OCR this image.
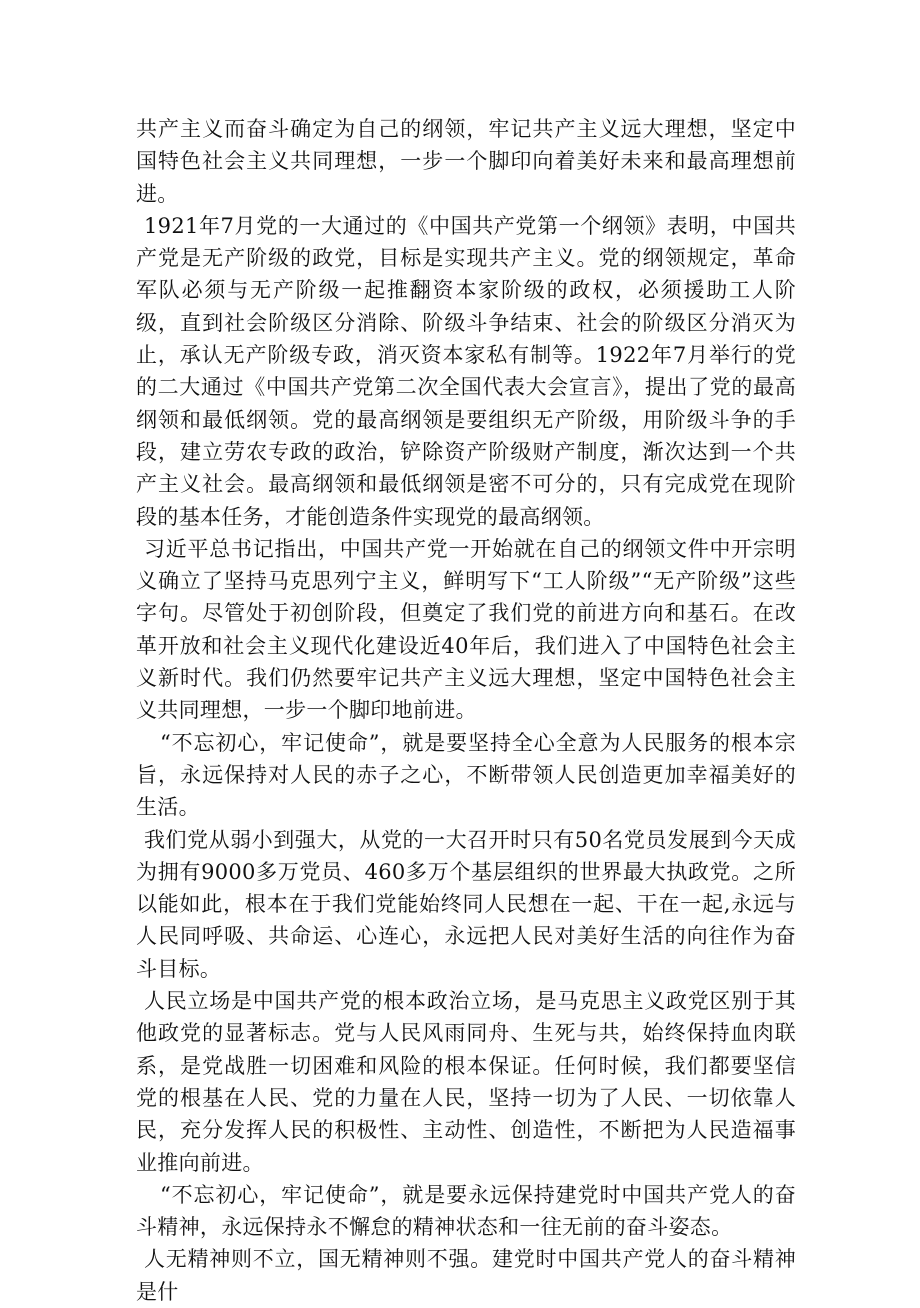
共产主义而奋斗确定为自己的纲领，牢记共产主义远大理想，坚定中国特色社会主义共同理想，一步一个脚印向着美好未来和最高理想前进。

1921年7月党的一大通过的《中国共产党第一个纲领》表明，中国共产党是无产阶级的政党，目标是实现共产主义。党的纲领规定，革命军队必须与无产阶级一起推翻资本家阶级的政权，必须援助工人阶级，直到社会阶级区分消除、阶级斗争结束、社会的阶级区分消灭为止，承认无产阶级专政，消灭资本家私有制等。1922年7月举行的党的二大通过《中国共产党第二次全国代表大会宣言》，提出了党的最高纲领和最低纲领。党的最高纲领是要组织无产阶级，用阶级斗争的手段，建立劳农专政的政治，铲除资产阶级财产制度，渐次达到一个共产主义社会。最高纲领和最低纲领是密不可分的，只有完成党在现阶段的基本任务，才能创造条件实现党的最高纲领。

习近平总书记指出，中国共产党一开始就在自己的纲领文件中开宗明义确立了坚持马克思列宁主义，鲜明写下“工人阶级”“无产阶级”这些字句。尽管处于初创阶段，但奠定了我们党的前进方向和基石。在改革开放和社会主义现代化建设近40年后，我们进入了中国特色社会主义新时代。我们仍然要牢记共产主义远大理想，坚定中国特色社会主义共同理想，一步一个脚印地前进。

“不忘初心，牢记使命”，就是要坚持全心全意为人民服务的根本宗旨，永远保持对人民的赤子之心，不断带领人民创造更加幸福美好的生活。

我们党从弱小到强大，从党的一大召开时只有50名党员发展到今天成为拥有9000多万党员、460多万个基层组织的世界最大执政党。之所以能如此，根本在于我们党能始终同人民想在一起、干在一起,永远与人民同呼吸、共命运、心连心，永远把人民对美好生活的向往作为奋斗目标。

人民立场是中国共产党的根本政治立场，是马克思主义政党区别于其他政党的显著标志。党与人民风雨同舟、生死与共，始终保持血肉联系，是党战胜一切困难和风险的根本保证。任何时候，我们都要坚信党的根基在人民、党的力量在人民，坚持一切为了人民、一切依靠人民，充分发挥人民的积极性、主动性、创造性，不断把为人民造福事业推向前进。

“不忘初心，牢记使命”，就是要永远保持建党时中国共产党人的奋斗精神，永远保持永不懈怠的精神状态和一往无前的奋斗姿态。

人无精神则不立，国无精神则不强。建党时中国共产党人的奋斗精神是什
